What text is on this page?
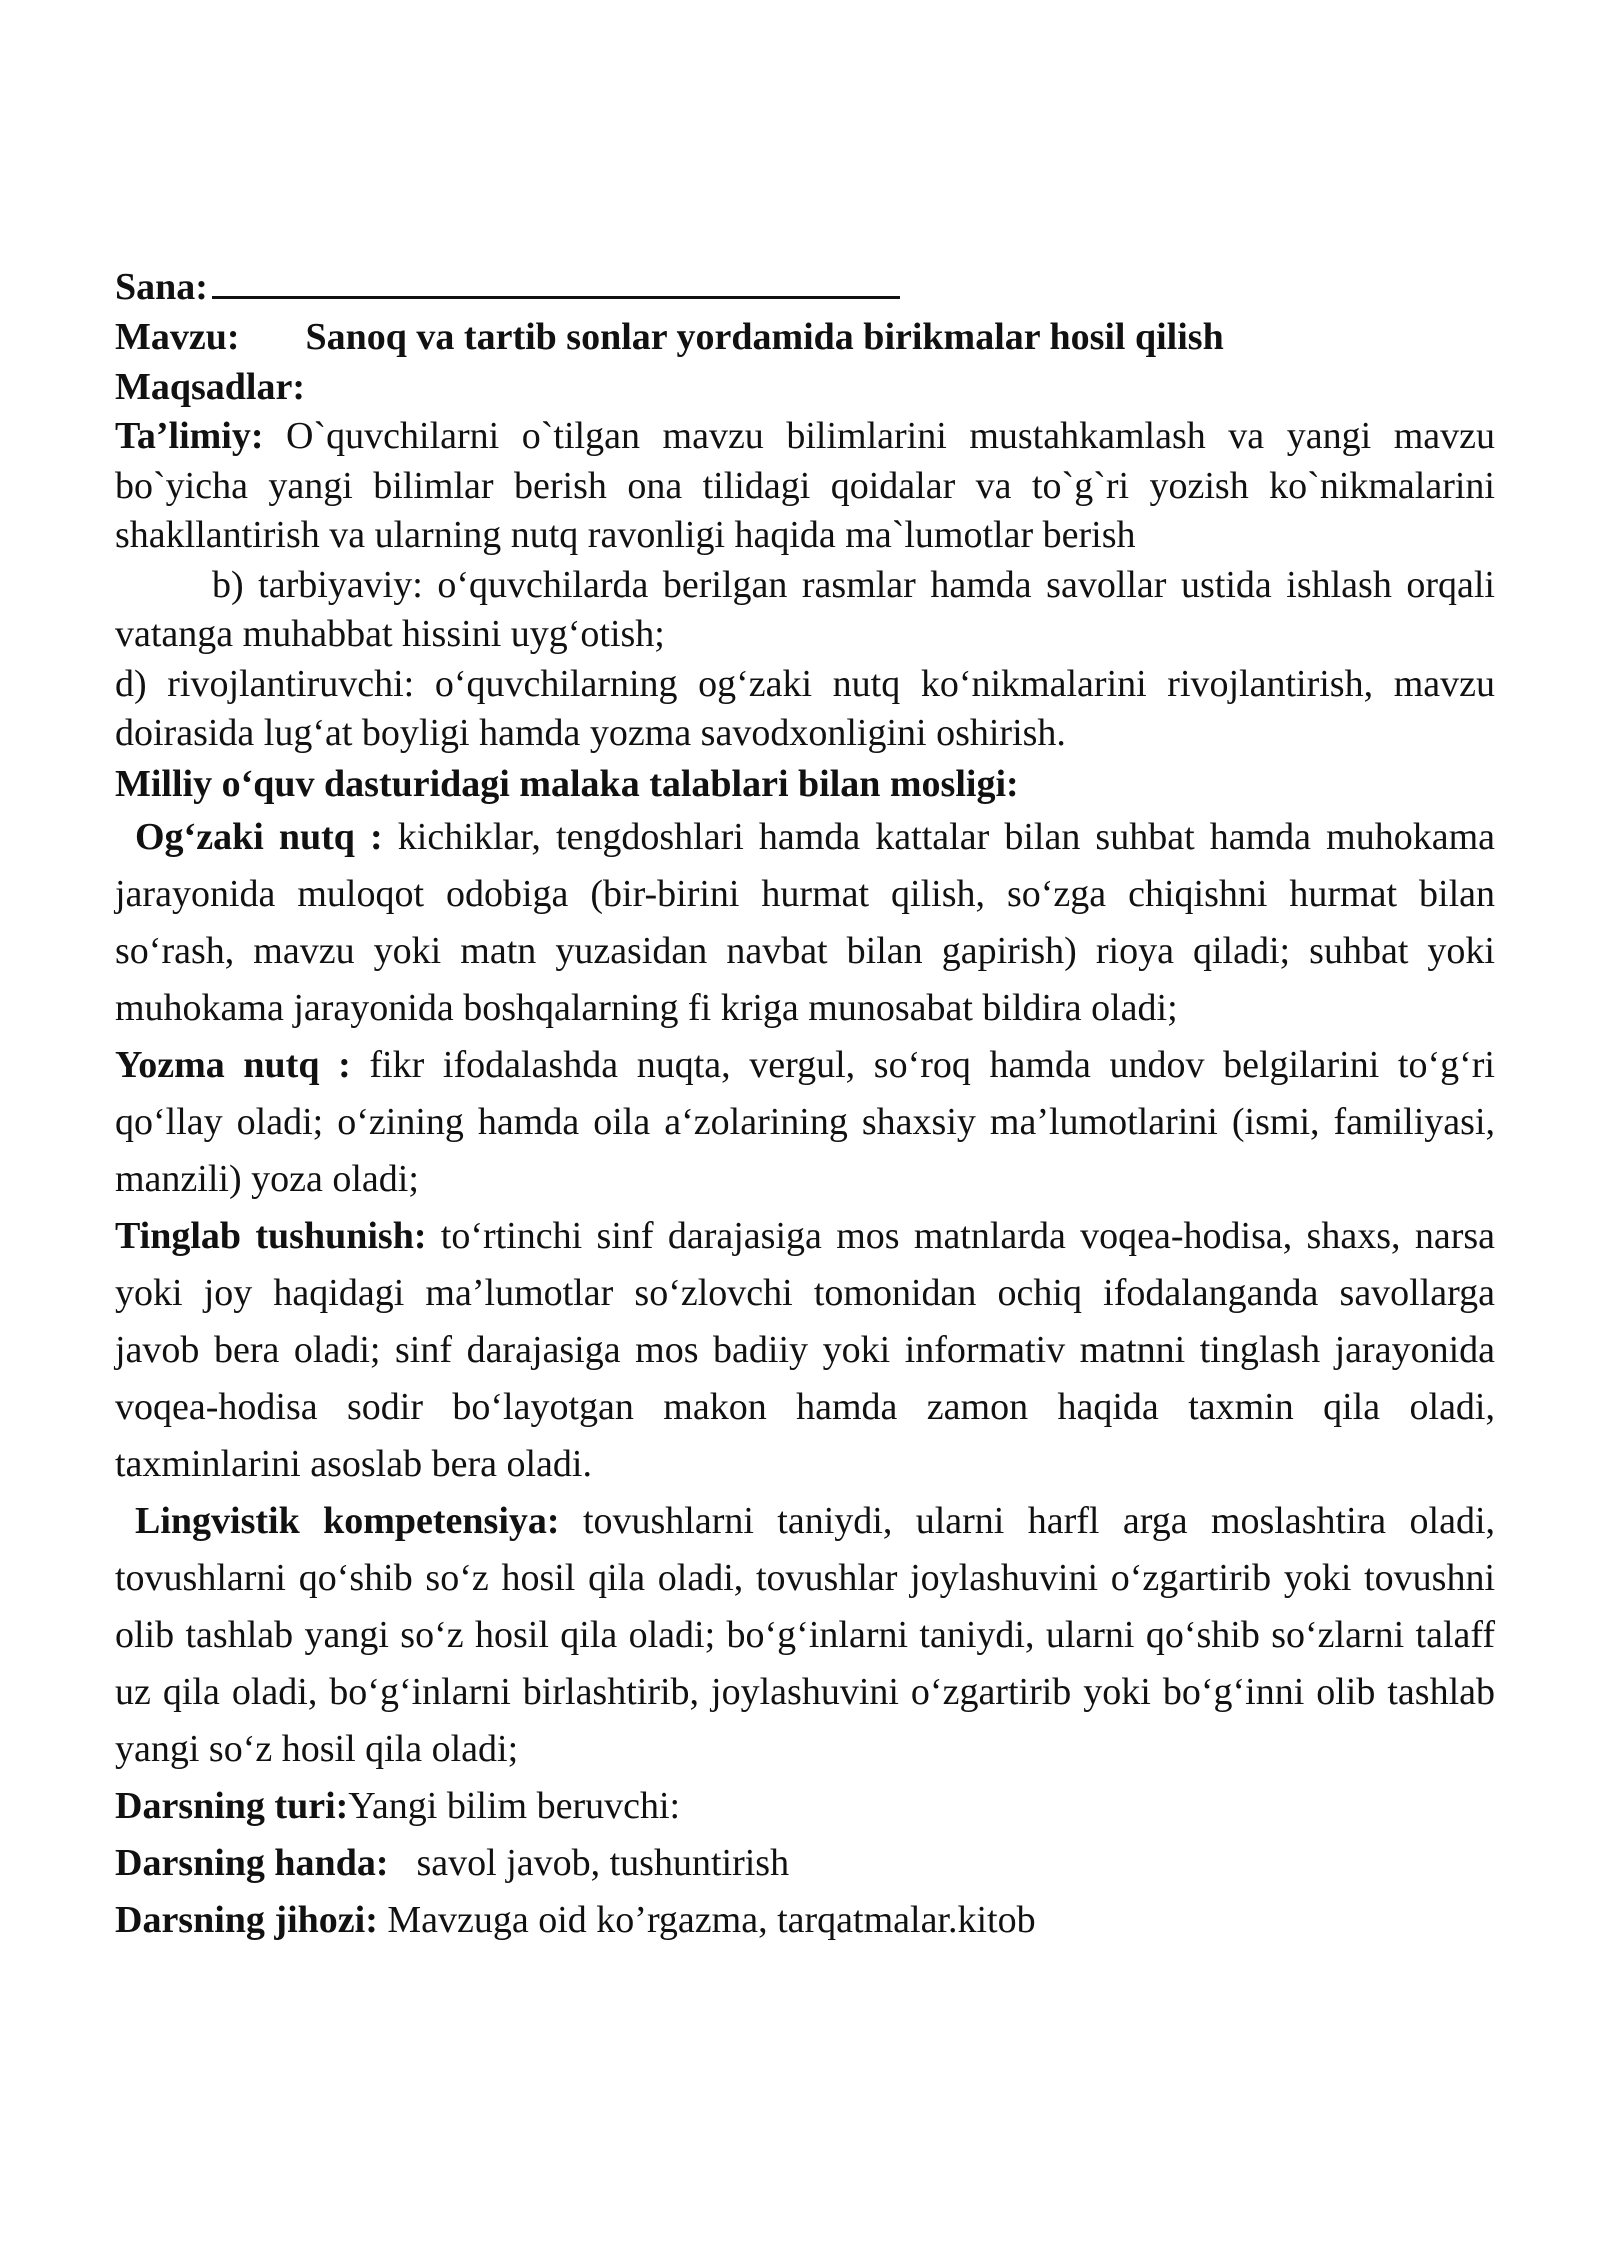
Sana:
Mavzu: Sanoq va tartib sonlar yordamida birikmalar hosil qilish
Maqsadlar:

Ta’limiy: O`quvchilarni o`tilgan mavzu bilimlarini mustahkamlash va yangi mavzu bo`yicha yangi bilimlar berish ona tilidagi qoidalar va to`g`ri yozish ko`nikmalarini shakllantirish va ularning nutq ravonligi haqida ma`lumotlar berish

b) tarbiyaviy: o‘quvchilarda berilgan rasmlar hamda savollar ustida ishlash orqali vatanga muhabbat hissini uyg‘otish;

d) rivojlantiruvchi: o‘quvchilarning og‘zaki nutq ko‘nikmalarini rivojlantirish, mavzu doirasida lug‘at boyligi hamda yozma savodxonligini oshirish.

Milliy o‘quv dasturidagi malaka talablari bilan mosligi:

Og‘zaki nutq : kichiklar, tengdoshlari hamda kattalar bilan suhbat hamda muhokama jarayonida muloqot odobiga (bir-birini hurmat qilish, so‘zga chiqishni hurmat bilan so‘rash, mavzu yoki matn yuzasidan navbat bilan gapirish) rioya qiladi; suhbat yoki muhokama jarayonida boshqalarning fi kriga munosabat bildira oladi;

Yozma nutq : fikr ifodalashda nuqta, vergul, so‘roq hamda undov belgilarini to‘g‘ri qo‘llay oladi; o‘zining hamda oila a‘zolarining shaxsiy ma’lumotlarini (ismi, familiyasi, manzili) yoza oladi;

Tinglab tushunish: to‘rtinchi sinf darajasiga mos matnlarda voqea-hodisa, shaxs, narsa yoki joy haqidagi ma’lumotlar so‘zlovchi tomonidan ochiq ifodalanganda savollarga javob bera oladi; sinf darajasiga mos badiiy yoki informativ matnni tinglash jarayonida voqea-hodisa sodir bo‘layotgan makon hamda zamon haqida taxmin qila oladi, taxminlarini asoslab bera oladi.

Lingvistik kompetensiya: tovushlarni taniydi, ularni harfl arga moslashtira oladi, tovushlarni qo‘shib so‘z hosil qila oladi, tovushlar joylashuvini o‘zgartirib yoki tovushni olib tashlab yangi so‘z hosil qila oladi; bo‘g‘inlarni taniydi, ularni qo‘shib so‘zlarni talaff uz qila oladi, bo‘g‘inlarni birlashtirib, joylashuvini o‘zgartirib yoki bo‘g‘inni olib tashlab yangi so‘z hosil qila oladi;

Darsning turi:Yangi bilim beruvchi:
Darsning handa: savol javob, tushuntirish
Darsning jihozi: Mavzuga oid ko’rgazma, tarqatmalar.kitob
